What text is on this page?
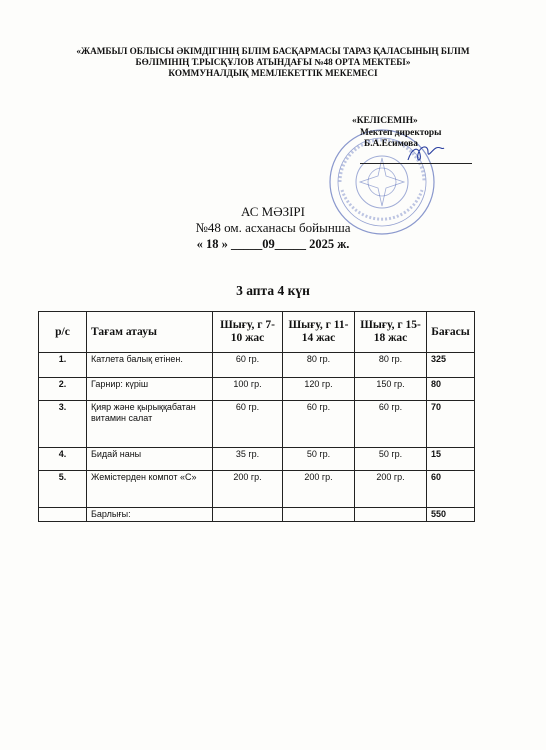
«ЖАМБЫЛ ОБЛЫСЫ ӘКІМДІГІНІҢ БІЛІМ БАСҚАРМАСЫ ТАРАЗ ҚАЛАСЫНЫҢ БІЛІМ
БӨЛІМІНІҢ Т.РЫСҚҰЛОВ АТЫНДАҒЫ №48 ОРТА МЕКТЕБІ»
КОММУНАЛДЫҚ МЕМЛЕКЕТТІК МЕКЕМЕСІ
«КЕЛІСЕМІН»
Мектеп директоры
Б.А.Есимова
АС МӘЗІРІ
№48 ом. асханасы бойынша
« 18 » _____09_____ 2025 ж.
3 апта 4 күн
р/с	Тағам атауы	Шығу, г 7-10 жас	Шығу, г 11-14 жас	Шығу, г 15-18 жас	Бағасы
1.	Катлета балық етінен.	60 гр.	80 гр.	80 гр.	325
2.	Гарнир: күріш	100 гр.	120 гр.	150 гр.	80
3.	Қияр және қырыққабатан витамин салат	60 гр.	60 гр.	60 гр.	70
4.	Бидай наны	35 гр.	50 гр.	50 гр.	15
5.	Жемістерден компот «С»	200 гр.	200 гр.	200 гр.	60
	Барлығы:				550
